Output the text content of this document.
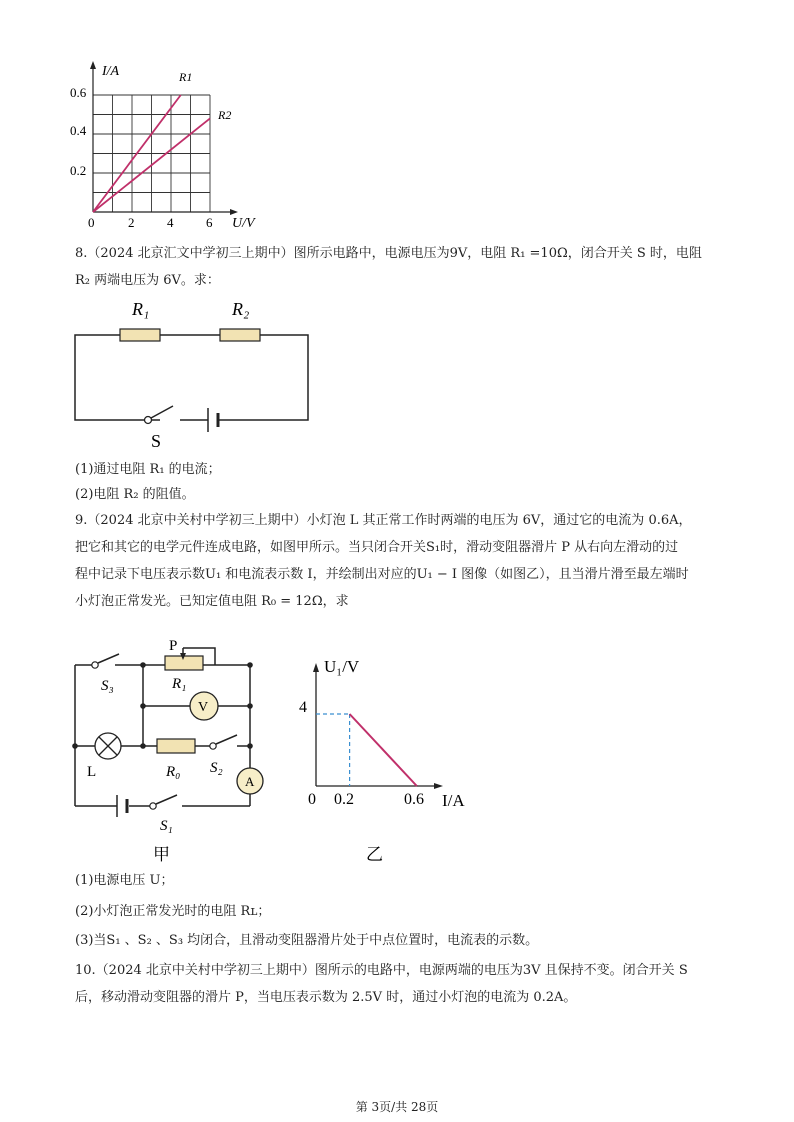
I/A
U/V
0.6
0.4
0.2
0	2	4	6
R1
R2
8.（2024 北京汇文中学初三上期中）图所示电路中，电源电压为9V，电阻 R₁ =10Ω，闭合开关 S 时，电阻
R₂ 两端电压为 6V。求：
R₁	R₂
S
(1)通过电阻 R₁ 的电流；
(2)电阻 R₂ 的阻值。
9.（2024 北京中关村中学初三上期中）小灯泡 L 其正常工作时两端的电压为 6V，通过它的电流为 0.6A，
把它和其它的电学元件连成电路，如图甲所示。当只闭合开关S₁时，滑动变阻器滑片 P 从右向左滑动的过
程中记录下电压表示数U₁ 和电流表示数 I，并绘制出对应的U₁ − I 图像（如图乙），且当滑片滑至最左端时
小灯泡正常发光。已知定值电阻 R₀ = 12Ω，求
S₃
P
R₁
V
L	R₀ S₂
A
S₁
甲
U₁/V
I/A
4
0 0.2	0.6
乙
(1)电源电压 U；
(2)小灯泡正常发光时的电阻 Rʟ；
(3)当S₁ 、S₂ 、S₃ 均闭合，且滑动变阻器滑片处于中点位置时，电流表的示数。
10.（2024 北京中关村中学初三上期中）图所示的电路中，电源两端的电压为3V 且保持不变。闭合开关 S
后，移动滑动变阻器的滑片 P，当电压表示数为 2.5V 时，通过小灯泡的电流为 0.2A。
第 3页/共 28页
